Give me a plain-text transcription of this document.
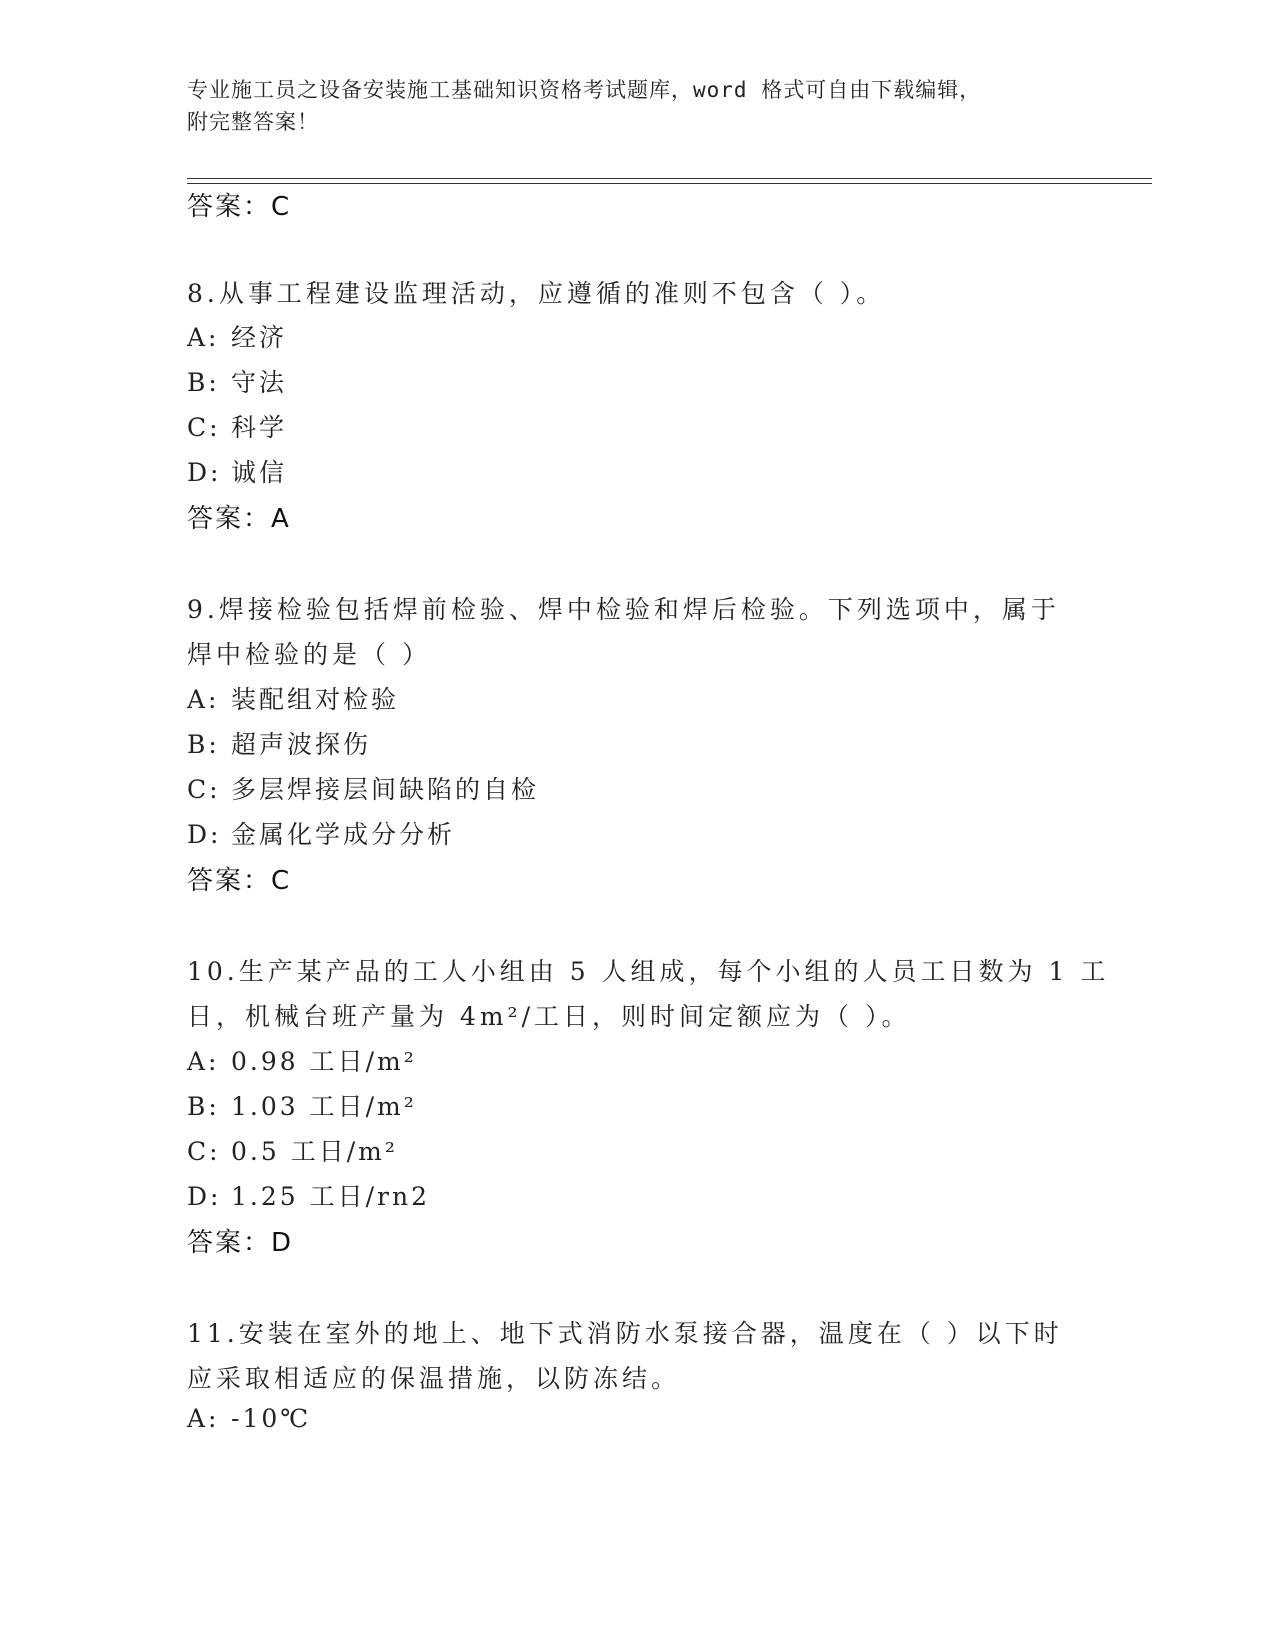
专业施工员之设备安装施工基础知识资格考试题库，word 格式可自由下载编辑，
附完整答案！
答案：C
8.从事工程建设监理活动，应遵循的准则不包含（ ）。
A: 经济
B: 守法
C: 科学
D: 诚信
答案：A
9.焊接检验包括焊前检验、焊中检验和焊后检验。下列选项中，属于
焊中检验的是（ ）
A: 装配组对检验
B: 超声波探伤
C: 多层焊接层间缺陷的自检
D: 金属化学成分分析
答案：C
10.生产某产品的工人小组由 5 人组成，每个小组的人员工日数为 1 工
日，机械台班产量为 4m²/工日，则时间定额应为（ ）。
A: 0.98 工日/m²
B: 1.03 工日/m²
C: 0.5 工日/m²
D: 1.25 工日/rn2
答案：D
11.安装在室外的地上、地下式消防水泵接合器，温度在（ ）以下时
应采取相适应的保温措施，以防冻结。
A: -10℃
